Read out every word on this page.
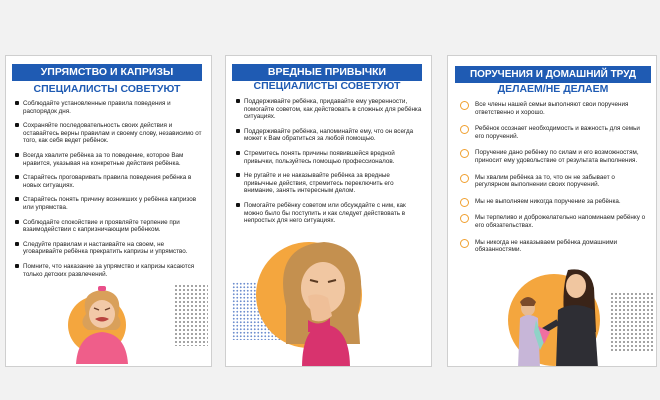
УПРЯМСТВО И КАПРИЗЫ
СПЕЦИАЛИСТЫ СОВЕТУЮТ
Соблюдайте установленные правила поведения и распорядок дня.
Сохраняйте последовательность своих действия и оставайтесь верны правилам и своему слову, независимо от того, как себя ведет ребёнок.
Всегда хвалите ребёнка за то поведение, которое Вам нравится, указывая на конкретные действия ребёнка.
Старайтесь проговаривать правила поведения ребёнка в новых ситуациях.
Старайтесь понять причину возникших у ребёнка капризов или упрямства.
Соблюдайте спокойствие и проявляйте терпение при взаимодействии с капризничающим ребёнком.
Следуйте правилам и настаивайте на своем, не уговаривайте ребёнка прекратить капризы и упрямство.
Помните, что наказание за упрямство и капризы касаются только детских развлечений.
ВРЕДНЫЕ ПРИВЫЧКИ
СПЕЦИАЛИСТЫ СОВЕТУЮТ
Поддерживайте ребёнка, придавайте ему уверенности, помогайте советом, как действовать в сложных для ребёнка ситуациях.
Поддерживайте ребёнка, напоминайте ему, что он всегда может к Вам обратиться за любой помощью.
Стремитесь понять причины появившейся вредной привычки, пользуйтесь помощью профессионалов.
Не ругайте и не наказывайте ребёнка за вредные привычные действия, стремитесь переключить его внимание, занять интересным делом.
Помогайте ребёнку советом или обсуждайте с ним, как можно было бы поступить и как следует действовать в непростых для него ситуациях.
ПОРУЧЕНИЯ И ДОМАШНИЙ ТРУД
ДЕЛАЕМ/НЕ ДЕЛАЕМ
Все члены нашей семьи выполняют свои поручения ответственно и хорошо.
Ребёнок осознает необходимость и важность для семьи его поручений.
Поручение дано ребёнку по силам и его возможностям, приносит ему удовольствие от результата выполнения.
Мы хвалим ребёнка за то, что он не забывает о регулярном выполнении своих поручений.
Мы не выполняем никогда поручение за ребёнка.
Мы терпеливо и доброжелательно напоминаем ребёнку о его обязательствах.
Мы никогда не наказываем ребёнка домашними обязанностями.
